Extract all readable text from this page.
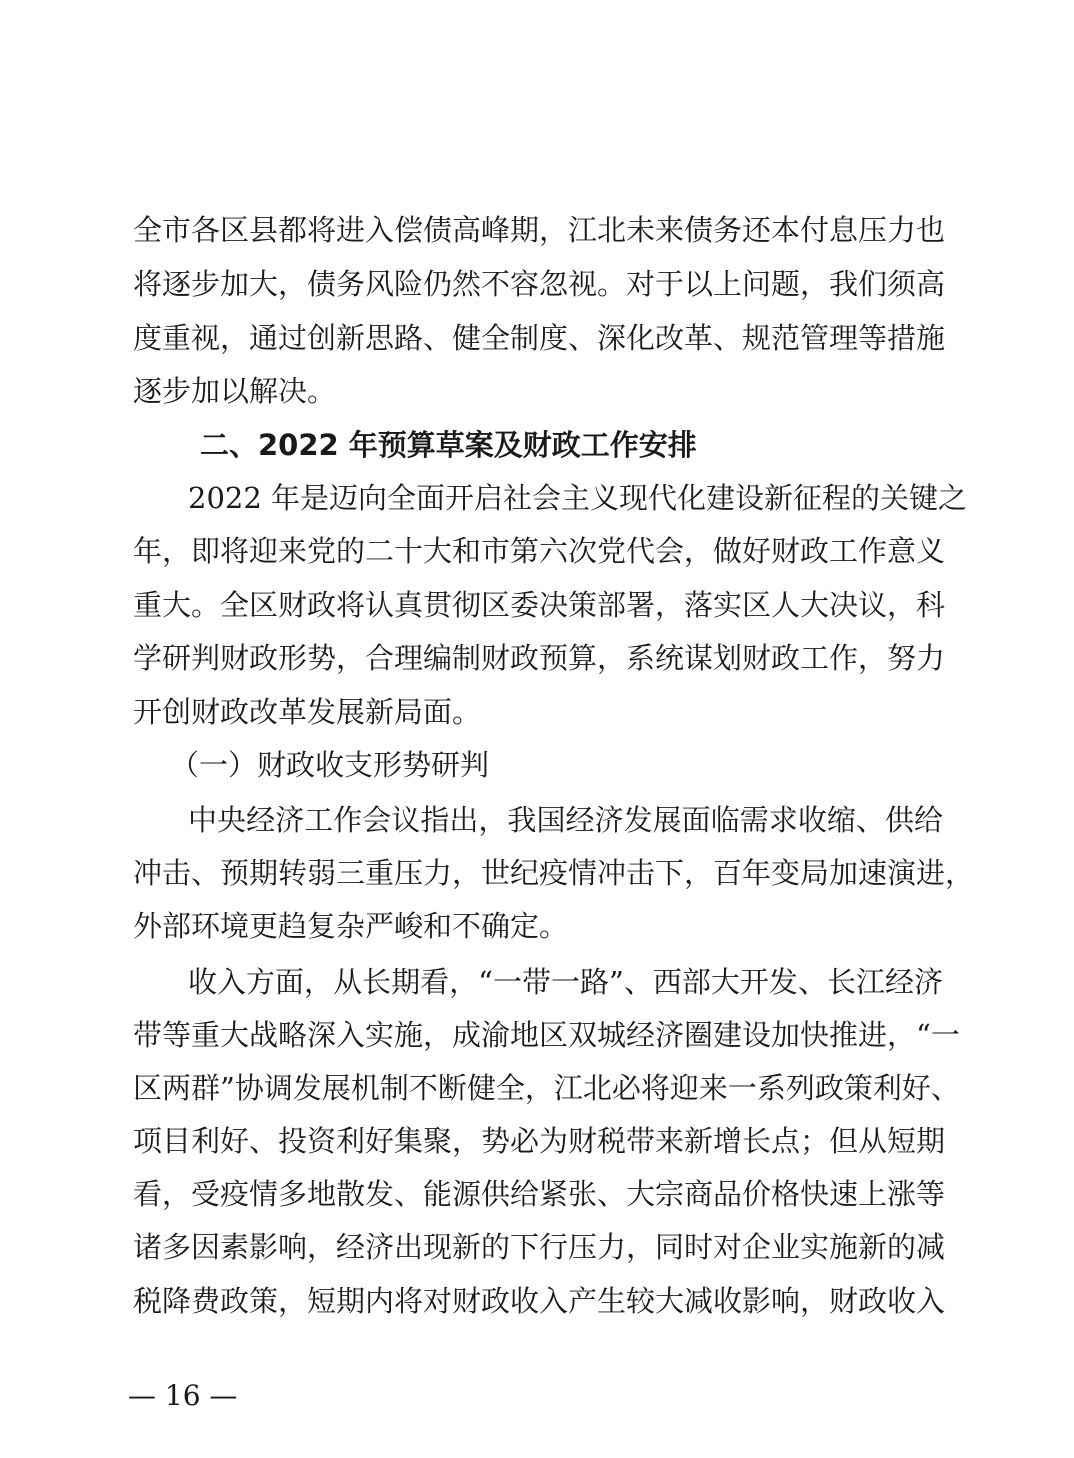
全市各区县都将进入偿债高峰期，江北未来债务还本付息压力也
将逐步加大，债务风险仍然不容忽视。对于以上问题，我们须高
度重视，通过创新思路、健全制度、深化改革、规范管理等措施
逐步加以解决。
二、2022 年预算草案及财政工作安排
2022 年是迈向全面开启社会主义现代化建设新征程的关键之
年，即将迎来党的二十大和市第六次党代会，做好财政工作意义
重大。全区财政将认真贯彻区委决策部署，落实区人大决议，科
学研判财政形势，合理编制财政预算，系统谋划财政工作，努力
开创财政改革发展新局面。
（一）财政收支形势研判
中央经济工作会议指出，我国经济发展面临需求收缩、供给
冲击、预期转弱三重压力，世纪疫情冲击下，百年变局加速演进，
外部环境更趋复杂严峻和不确定。
收入方面，从长期看，“一带一路”、西部大开发、长江经济
带等重大战略深入实施，成渝地区双城经济圈建设加快推进，“一
区两群”协调发展机制不断健全，江北必将迎来一系列政策利好、
项目利好、投资利好集聚，势必为财税带来新增长点；但从短期
看，受疫情多地散发、能源供给紧张、大宗商品价格快速上涨等
诸多因素影响，经济出现新的下行压力，同时对企业实施新的减
税降费政策，短期内将对财政收入产生较大减收影响，财政收入
— 16 —
